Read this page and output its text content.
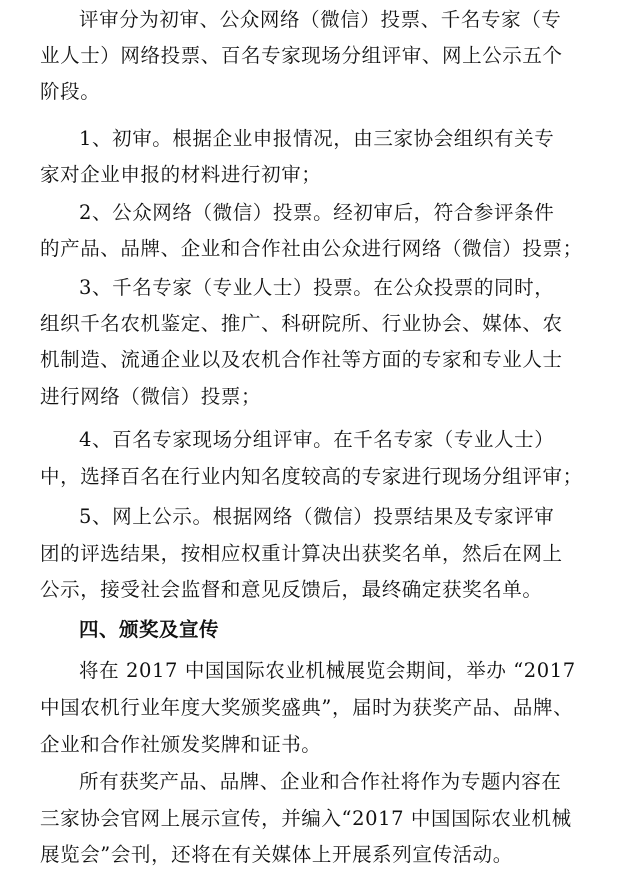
评审分为初审、公众网络（微信）投票、千名专家（专
业人士）网络投票、百名专家现场分组评审、网上公示五个
阶段。
1、初审。根据企业申报情况，由三家协会组织有关专
家对企业申报的材料进行初审；
2、公众网络（微信）投票。经初审后，符合参评条件
的产品、品牌、企业和合作社由公众进行网络（微信）投票；
3、千名专家（专业人士）投票。在公众投票的同时，
组织千名农机鉴定、推广、科研院所、行业协会、媒体、农
机制造、流通企业以及农机合作社等方面的专家和专业人士
进行网络（微信）投票；
4、百名专家现场分组评审。在千名专家（专业人士）
中，选择百名在行业内知名度较高的专家进行现场分组评审；
5、网上公示。根据网络（微信）投票结果及专家评审
团的评选结果，按相应权重计算决出获奖名单，然后在网上
公示，接受社会监督和意见反馈后，最终确定获奖名单。
四、颁奖及宣传
将在 2017 中国国际农业机械展览会期间，举办 “2017
中国农机行业年度大奖颁奖盛典”，届时为获奖产品、品牌、
企业和合作社颁发奖牌和证书。
所有获奖产品、品牌、企业和合作社将作为专题内容在
三家协会官网上展示宣传，并编入“2017 中国国际农业机械
展览会”会刊，还将在有关媒体上开展系列宣传活动。
